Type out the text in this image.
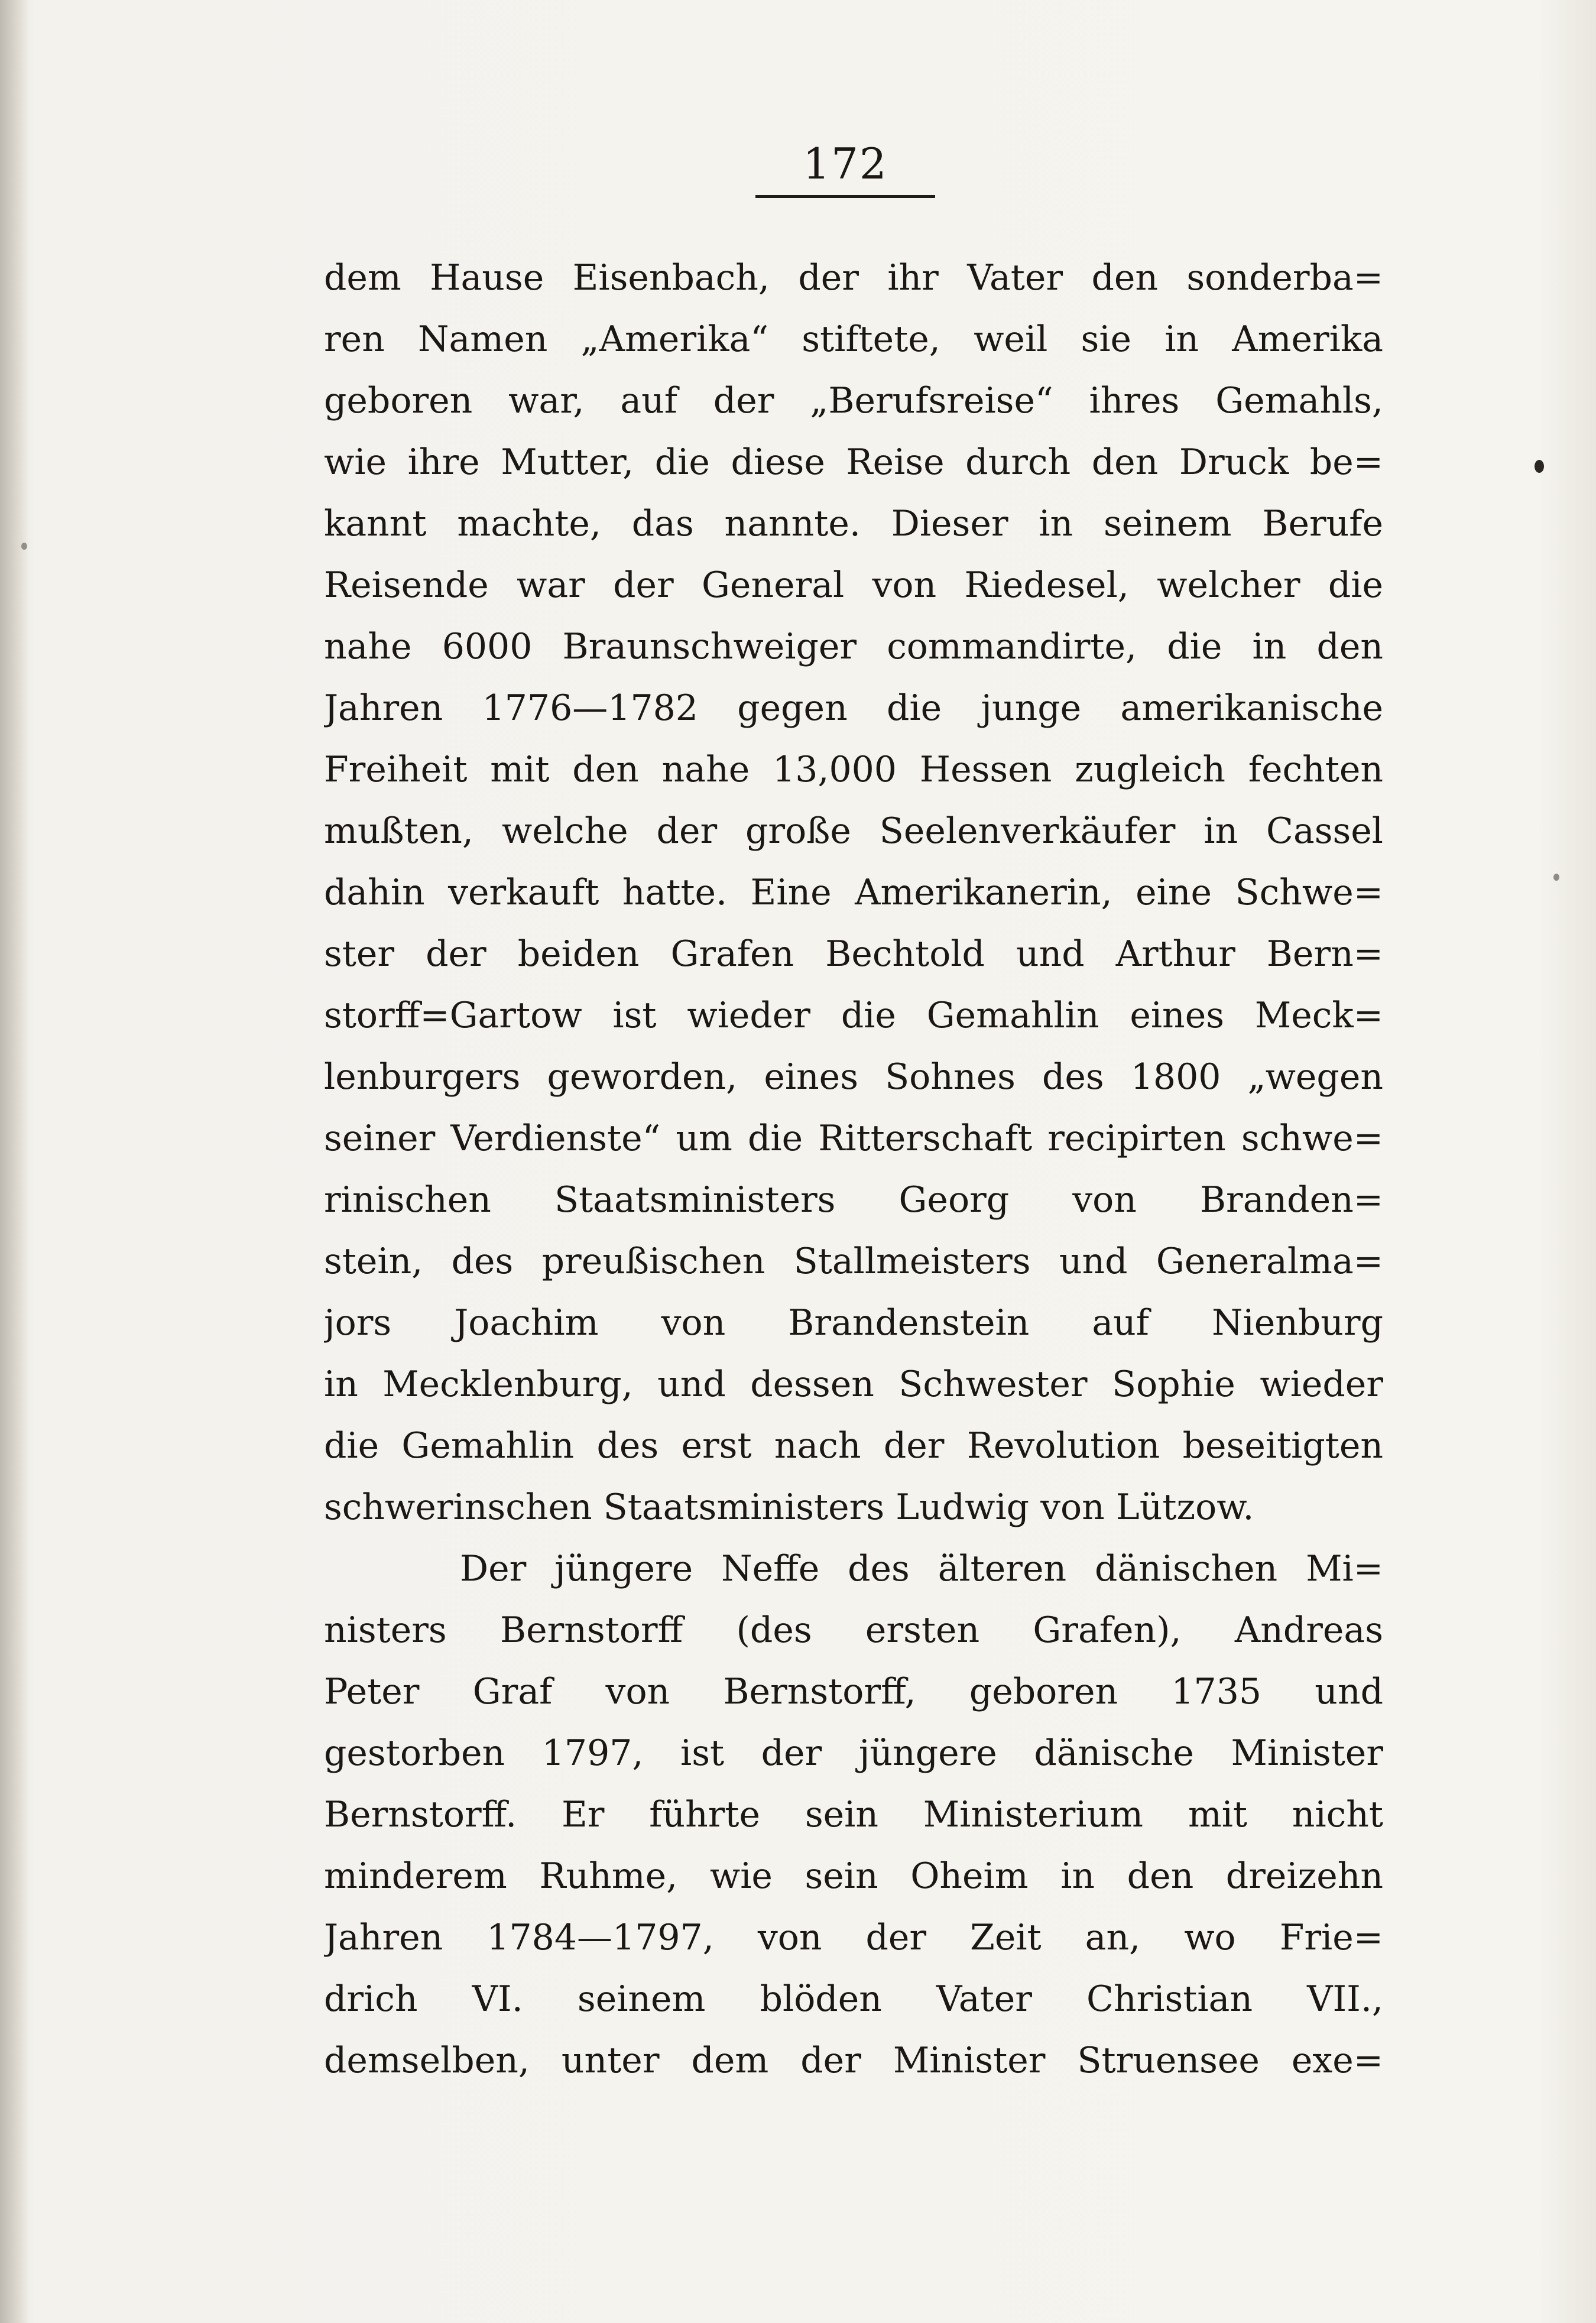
172
dem Hause Eisenbach, der ihr Vater den sonderba=
ren Namen „Amerika“ stiftete, weil sie in Amerika
geboren war, auf der „Berufsreise“ ihres Gemahls,
wie ihre Mutter, die diese Reise durch den Druck be=
kannt machte, das nannte. Dieser in seinem Berufe
Reisende war der General von Riedesel, welcher die
nahe 6000 Braunschweiger commandirte, die in den
Jahren 1776—1782 gegen die junge amerikanische
Freiheit mit den nahe 13,000 Hessen zugleich fechten
mußten, welche der große Seelenverkäufer in Cassel
dahin verkauft hatte. Eine Amerikanerin, eine Schwe=
ster der beiden Grafen Bechtold und Arthur Bern=
storff=Gartow ist wieder die Gemahlin eines Meck=
lenburgers geworden, eines Sohnes des 1800 „wegen
seiner Verdienste“ um die Ritterschaft recipirten schwe=
rinischen Staatsministers Georg von Branden=
stein, des preußischen Stallmeisters und Generalma=
jors Joachim von Brandenstein auf Nienburg
in Mecklenburg, und dessen Schwester Sophie wieder
die Gemahlin des erst nach der Revolution beseitigten
schwerinschen Staatsministers Ludwig von Lützow.
Der jüngere Neffe des älteren dänischen Mi=
nisters Bernstorff (des ersten Grafen), Andreas
Peter Graf von Bernstorff, geboren 1735 und
gestorben 1797, ist der jüngere dänische Minister
Bernstorff. Er führte sein Ministerium mit nicht
minderem Ruhme, wie sein Oheim in den dreizehn
Jahren 1784—1797, von der Zeit an, wo Frie=
drich VI. seinem blöden Vater Christian VII.,
demselben, unter dem der Minister Struensee exe=
